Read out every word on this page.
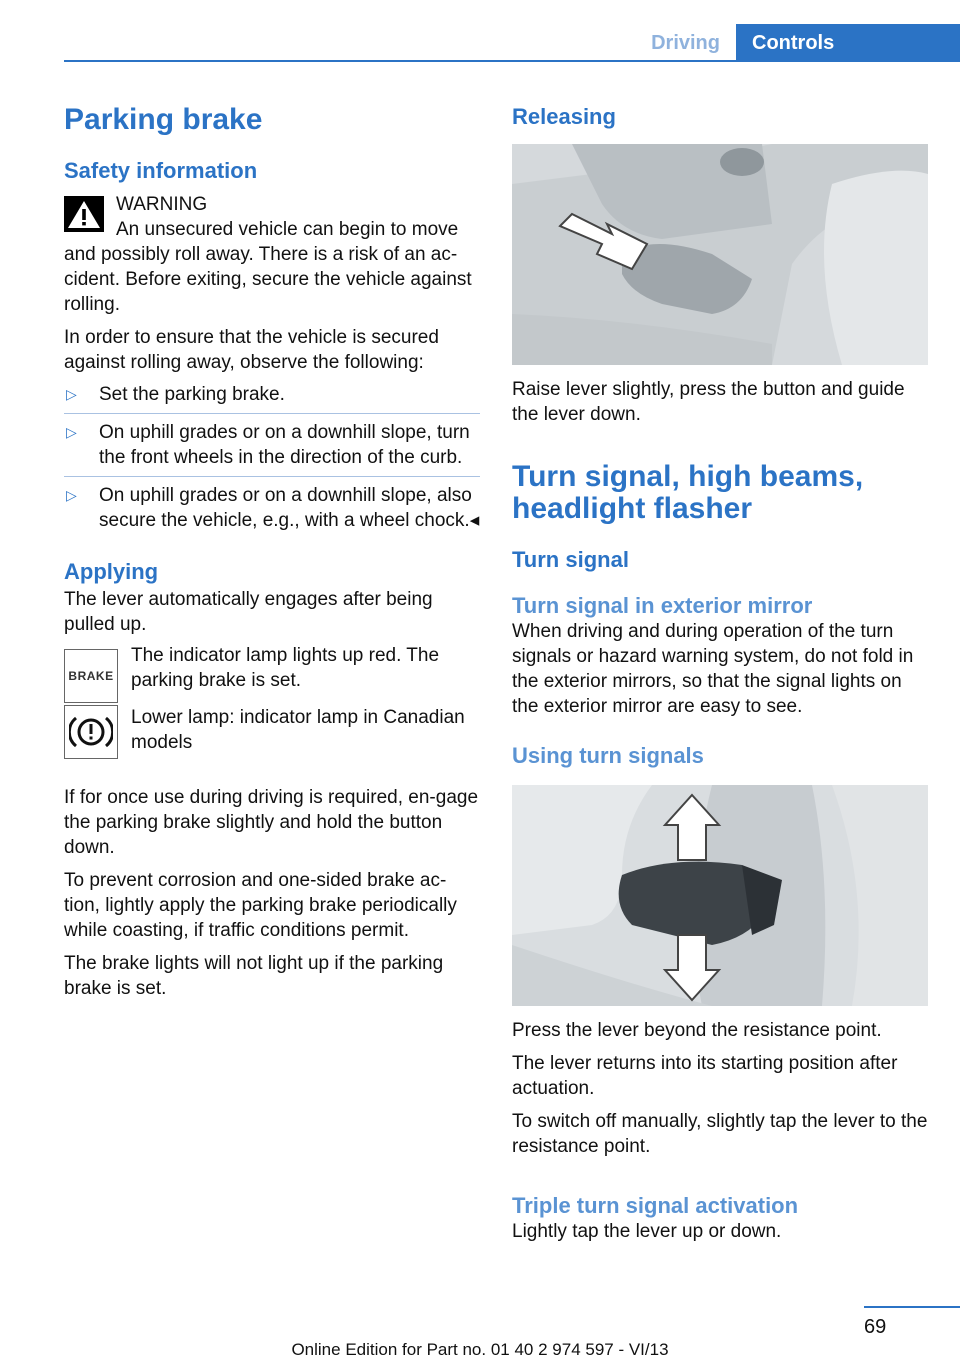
Driving	Controls
Parking brake
Safety information
WARNING
An unsecured vehicle can begin to move

and possibly roll away. There is a risk of an ac-cident. Before exiting, secure the vehicle against rolling.

In order to ensure that the vehicle is secured against rolling away, observe the following:

▷ Set the parking brake.
▷ On uphill grades or on a downhill slope, turn the front wheels in the direction of the curb.
▷ On uphill grades or on a downhill slope, also secure the vehicle, e.g., with a wheel chock.◂
Applying

The lever automatically engages after being pulled up.

BRAKE
The indicator lamp lights up red. The parking brake is set.
Lower lamp: indicator lamp in Canadian models

If for once use during driving is required, en-gage the parking brake slightly and hold the button down.

To prevent corrosion and one-sided brake ac-tion, lightly apply the parking brake periodically while coasting, if traffic conditions permit.

The brake lights will not light up if the parking brake is set.

Releasing

Raise lever slightly, press the button and guide the lever down.

Turn signal, high beams, headlight flasher
Turn signal
Turn signal in exterior mirror

When driving and during operation of the turn signals or hazard warning system, do not fold in the exterior mirrors, so that the signal lights on the exterior mirror are easy to see.

Using turn signals

Press the lever beyond the resistance point.

The lever returns into its starting position after actuation.

To switch off manually, slightly tap the lever to the resistance point.

Triple turn signal activation

Lightly tap the lever up or down.

69
Online Edition for Part no. 01 40 2 974 597 - VI/13
